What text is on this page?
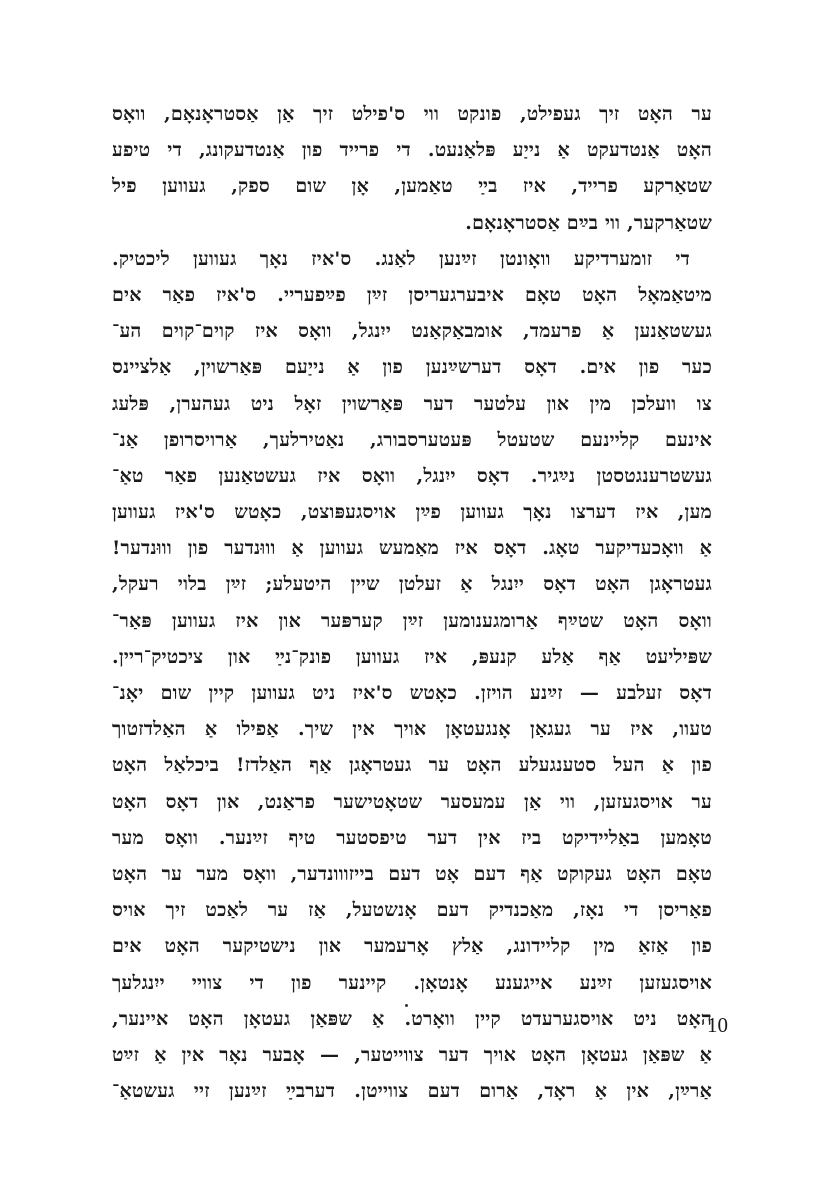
ער האָט זיך געפילט, פונקט ווי ס'פילט זיך אַן אַסטראָנאָם, וואָס
האָט אַנטדעקט אַ נייַע פּלאַנעט. די פרייד פון אַנטדעקונג, די טיפע
שטאַרקע פרייד, איז בײַ טאַמען, אָן שום ספק, געווען פיל
שטאַרקער, ווי בײַם אַסטראָנאָם.
די זומערדיקע וואָונטן זײַנען לאַנג. ס'איז נאָך געווען ליכטיק.
מיטאַמאָל האָט טאָם איבערגעריסן זײַן פײַפעריי. ס'איז פאַר אים
געשטאַנען אַ פרעמד, אומבאַקאַנט ייִנגל, וואָס איז קוים־קוים הע־
כער פון אים. דאָס דערשײַנען פון אַ נייַעם פּאַרשוין, אַלציינס
צו וועלכן מין און עלטער דער פּאַרשוין זאָל ניט געהערן, פּלעג
אינעם קליינעם שטעטל פּעטערסבורג, נאַטירלעך, אַרויסרופן אַנ־
געשטרענגטסטן נײַגיר. דאָס ייִנגל, וואָס איז געשטאַנען פאַר טאַ־
מען, איז דערצו נאָך געווען פײַן אויסגעפּוצט, כאָטש ס'איז געווען
אַ וואָכעדיקער טאָג. דאָס איז מאַמעש געווען אַ וווּנדער פון וווּנדער!
געטראָגן האָט דאָס ייִנגל אַ זעלטן שיין היטעלע; זײַן בלוי רעקל,
וואָס האָט שטײַף אַרומגענומען זײַן קערפּער און איז געווען פּאַר־
שפּיליעט אַף אַלע קנעפּ, איז געווען פונק־נײַ און ציכטיק־ריין.
דאָס זעלבע — זײַנע הויזן. כאָטש ס'איז ניט געווען קיין שום יאָנ־
טעוו, איז ער געגאַן אָנגעטאָן אויך אין שיך. אַפילו אַ האַלדזטוך
פון אַ העל סטענגעלע האָט ער געטראָגן אַף האַלדז! ביכלאַל האָט
ער אויסגעזען, ווי אַן עמעסער שטאָטישער פראַנט, און דאָס האָט
טאָמען באַליידיקט ביז אין דער טיפסטער טיף זײַנער. וואָס מער
טאָם האָט געקוקט אַף דעם אָט דעם בייזווונדער, וואָס מער ער האָט
פאַריסן די נאָז, מאַכנדיק דעם אָנשטעל, אַז ער לאַכט זיך אויס
פון אַזאַ מין קליידונג, אַלץ אָרעמער און נישטיקער האָט אים
אויסגעזען זײַנע אייגענע אָנטאָן. קיינער פון די צוויי ייִנגלעך
האָט ניט אויסגערעדט קיין וואָרט. אַ שפּאַן געטאָן האָט איינער,
אַ שפּאַן געטאָן האָט אויך דער צווייטער, — אָבער נאָר אין אַ זײַט
אַרײַן, אין אַ ראָד, אַרום דעם צווייטן. דערבײַ זײַנען זיי געשטאַ־
10
